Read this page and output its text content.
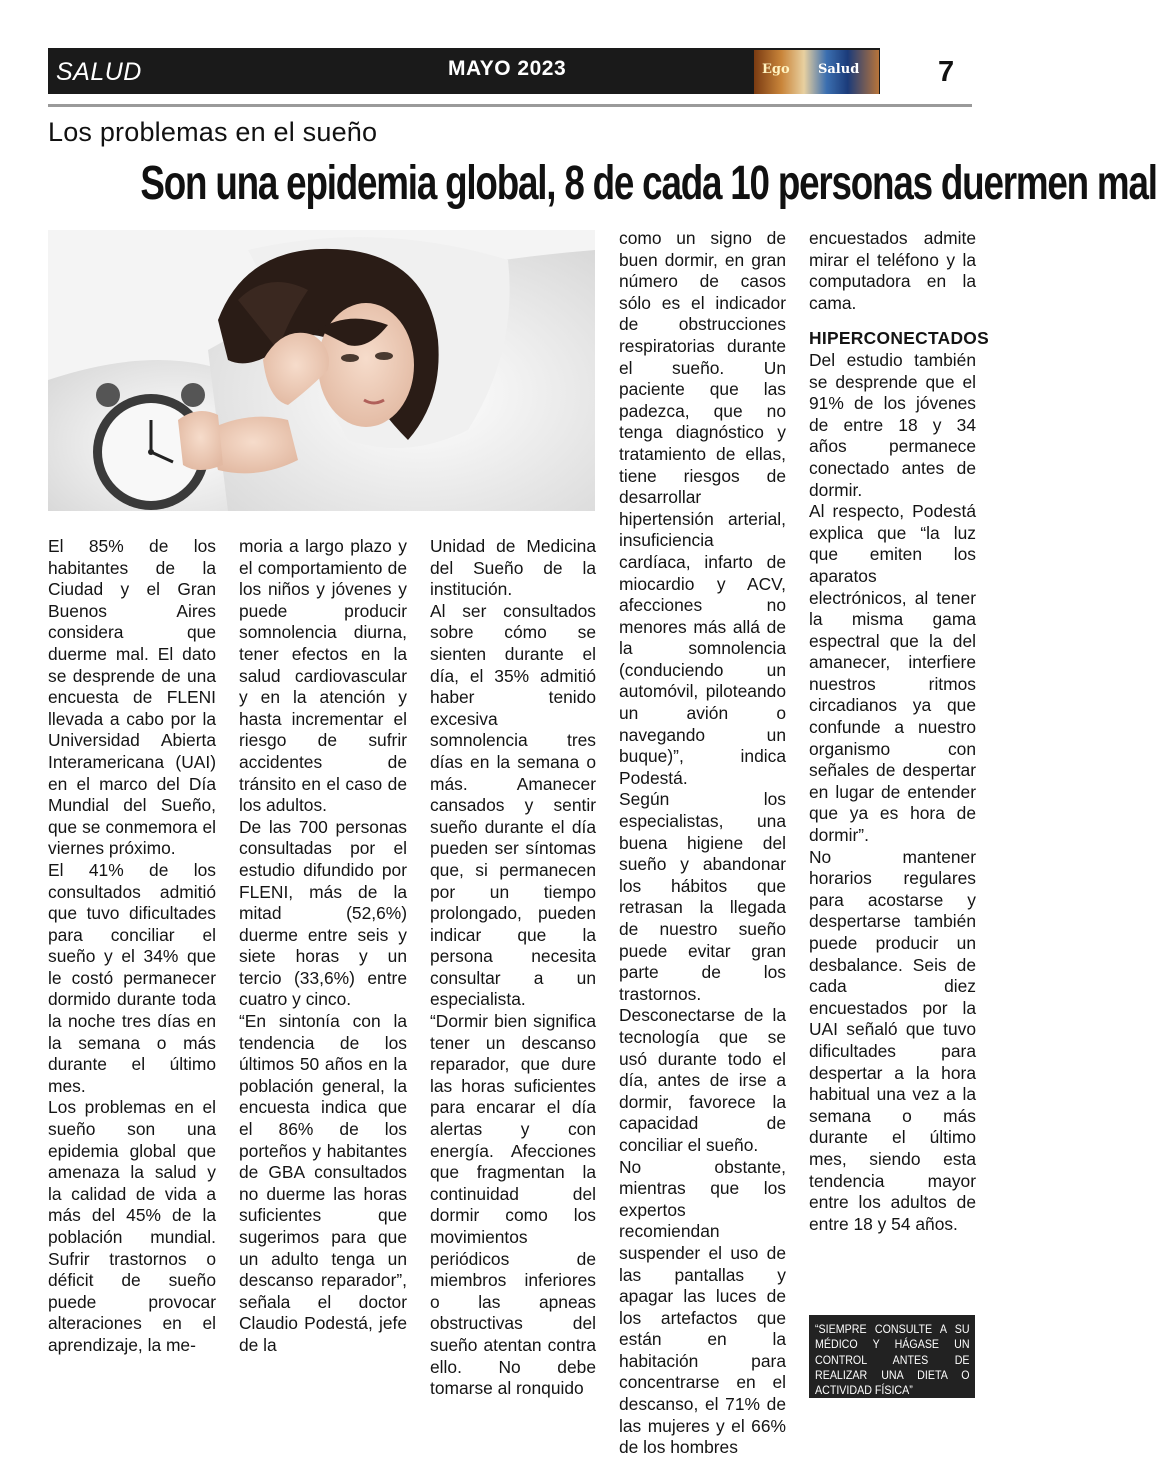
SALUD	MAYO 2023	Ego Salud	7
Los problemas en el sueño
Son una epidemia global, 8 de cada 10 personas duermen mal

El 85% de los habitantes de la Ciudad y el Gran Buenos Aires considera que duerme mal. El dato se desprende de una encuesta de FLENI llevada a cabo por la Universidad Abierta Interamericana (UAI) en el marco del Día Mundial del Sueño, que se conmemora el viernes próximo.

El 41% de los consultados admitió que tuvo dificultades para conciliar el sueño y el 34% que le costó permanecer dormido durante toda la noche tres días en la semana o más durante el último mes.

Los problemas en el sueño son una epidemia global que amenaza la salud y la calidad de vida a más del 45% de la población mundial. Sufrir trastornos o déficit de sueño puede provocar alteraciones en el aprendizaje, la me-

moria a largo plazo y el comportamiento de los niños y jóvenes y puede producir somnolencia diurna, tener efectos en la salud cardiovascular y en la atención y hasta incrementar el riesgo de sufrir accidentes de tránsito en el caso de los adultos.

De las 700 personas consultadas por el estudio difundido por FLENI, más de la mitad (52,6%) duerme entre seis y siete horas y un tercio (33,6%) entre cuatro y cinco.

“En sintonía con la tendencia de los últimos 50 años en la población general, la encuesta indica que el 86% de los porteños y habitantes de GBA consultados no duerme las horas suficientes que sugerimos para que un adulto tenga un descanso reparador”, señala el doctor Claudio Podestá, jefe de la

Unidad de Medicina del Sueño de la institución.

Al ser consultados sobre cómo se sienten durante el día, el 35% admitió haber tenido excesiva somnolencia tres días en la semana o más. Amanecer cansados y sentir sueño durante el día pueden ser síntomas que, si permanecen por un tiempo prolongado, pueden indicar que la persona necesita consultar a un especialista.

“Dormir bien significa tener un descanso reparador, que dure las horas suficientes para encarar el día alertas y con energía. Afecciones que fragmentan la continuidad del dormir como los movimientos periódicos de miembros inferiores o las apneas obstructivas del sueño atentan contra ello. No debe tomarse al ronquido

como un signo de buen dormir, en gran número de casos sólo es el indicador de obstrucciones respiratorias durante el sueño. Un paciente que las padezca, que no tenga diagnóstico y tratamiento de ellas, tiene riesgos de desarrollar hipertensión arterial, insuficiencia cardíaca, infarto de miocardio y ACV, afecciones no menores más allá de la somnolencia (conduciendo un automóvil, piloteando un avión o navegando un buque)”, indica Podestá.

Según los especialistas, una buena higiene del sueño y abandonar los hábitos que retrasan la llegada de nuestro sueño puede evitar gran parte de los trastornos.

Desconectarse de la tecnología que se usó durante todo el día, antes de irse a dormir, favorece la capacidad de conciliar el sueño.

No obstante, mientras que los expertos recomiendan suspender el uso de las pantallas y apagar las luces de los artefactos que están en la habitación para concentrarse en el descanso, el 71% de las mujeres y el 66% de los hombres

encuestados admite mirar el teléfono y la computadora en la cama.

HIPERCONECTADOS

Del estudio también se desprende que el 91% de los jóvenes de entre 18 y 34 años permanece conectado antes de dormir.

Al respecto, Podestá explica que “la luz que emiten los aparatos electrónicos, al tener la misma gama espectral que la del amanecer, interfiere nuestros ritmos circadianos ya que confunde a nuestro organismo con señales de despertar en lugar de entender que ya es hora de dormir”.

No mantener horarios regulares para acostarse y despertarse también puede producir un desbalance. Seis de cada diez encuestados por la UAI señaló que tuvo dificultades para despertar a la hora habitual una vez a la semana o más durante el último mes, siendo esta tendencia mayor entre los adultos de entre 18 y 54 años.

“SIEMPRE CONSULTE A SU MÉDICO Y HÁGASE UN CONTROL ANTES DE REALIZAR UNA DIETA O ACTIVIDAD FÍSICA”
